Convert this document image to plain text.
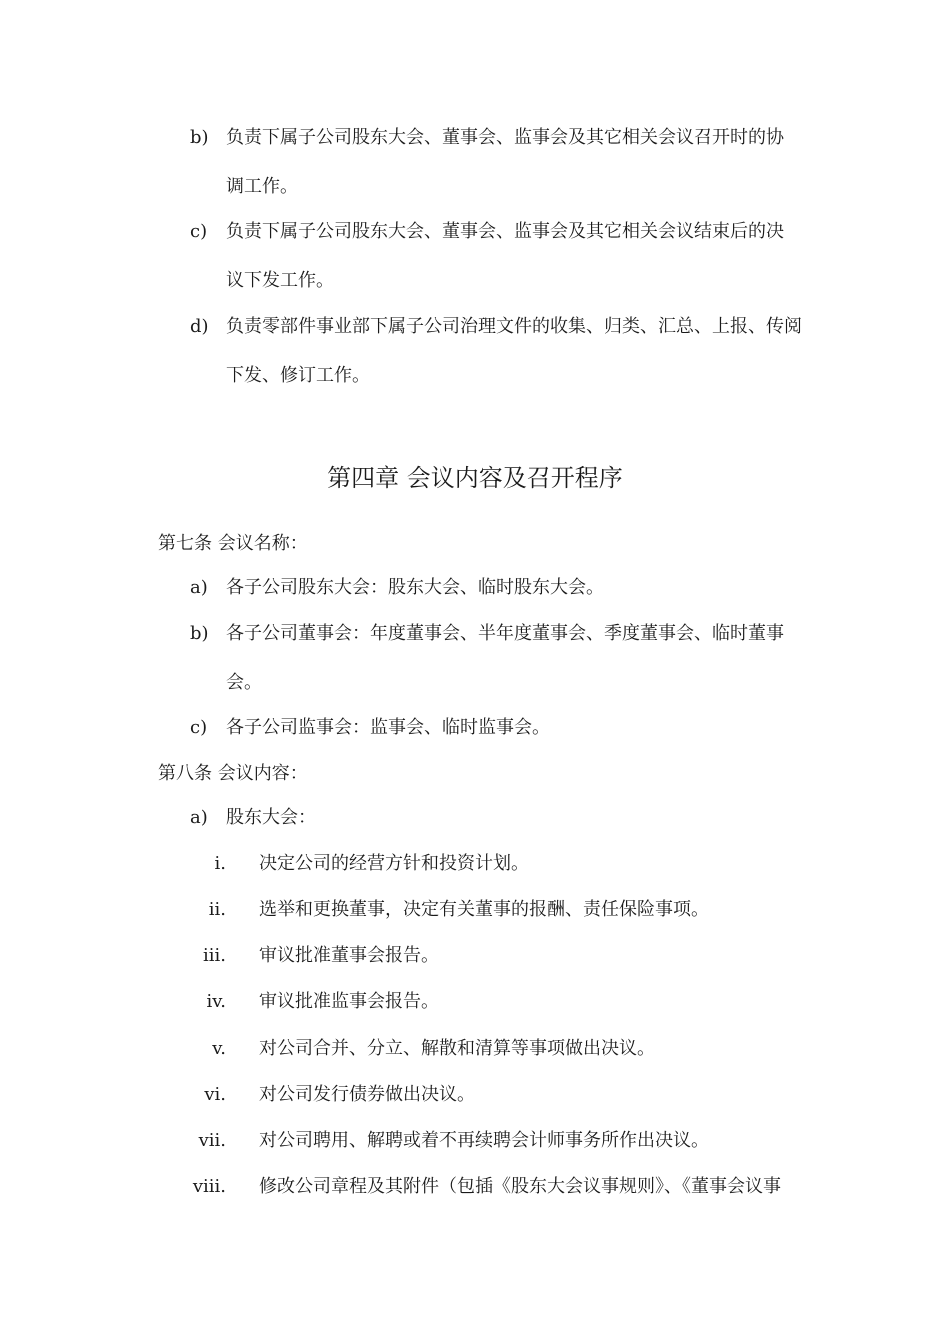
b) 负责下属子公司股东大会、董事会、监事会及其它相关会议召开时的协
调工作。
c) 负责下属子公司股东大会、董事会、监事会及其它相关会议结束后的决
议下发工作。
d) 负责零部件事业部下属子公司治理文件的收集、归类、汇总、上报、传阅
下发、修订工作。
第四章 会议内容及召开程序
第七条 会议名称：
a) 各子公司股东大会：股东大会、临时股东大会。
b) 各子公司董事会：年度董事会、半年度董事会、季度董事会、临时董事
会。
c) 各子公司监事会：监事会、临时监事会。
第八条 会议内容：
a) 股东大会：
i. 决定公司的经营方针和投资计划。
ii. 选举和更换董事，决定有关董事的报酬、责任保险事项。
iii. 审议批准董事会报告。
iv. 审议批准监事会报告。
v. 对公司合并、分立、解散和清算等事项做出决议。
vi. 对公司发行债券做出决议。
vii. 对公司聘用、解聘或着不再续聘会计师事务所作出决议。
viii. 修改公司章程及其附件（包插《股东大会议事规则》、《董事会议事
